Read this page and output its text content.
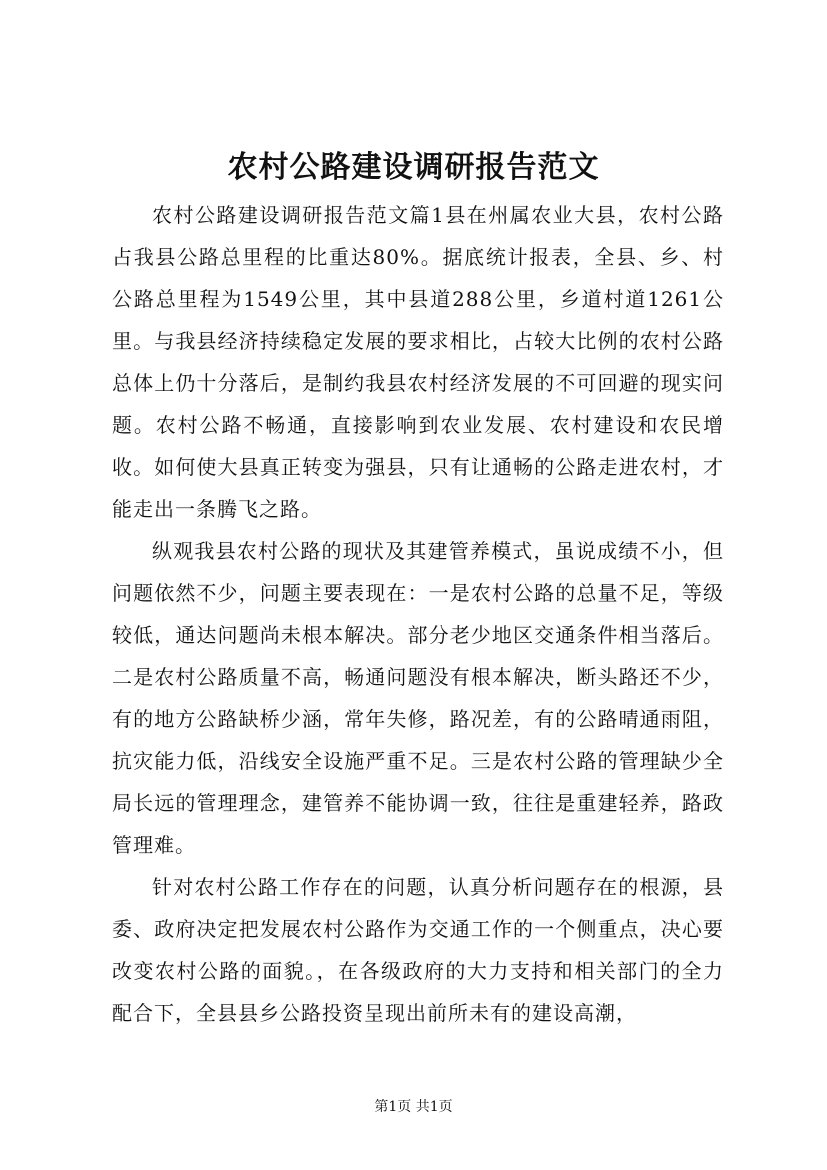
农村公路建设调研报告范文

农村公路建设调研报告范文篇1县在州属农业大县，农村公路占我县公路总里程的比重达80%。据底统计报表，全县、乡、村公路总里程为1549公里，其中县道288公里，乡道村道1261公里。与我县经济持续稳定发展的要求相比，占较大比例的农村公路总体上仍十分落后，是制约我县农村经济发展的不可回避的现实问题。农村公路不畅通，直接影响到农业发展、农村建设和农民增收。如何使大县真正转变为强县，只有让通畅的公路走进农村，才能走出一条腾飞之路。

纵观我县农村公路的现状及其建管养模式，虽说成绩不小，但问题依然不少，问题主要表现在：一是农村公路的总量不足，等级较低，通达问题尚未根本解决。部分老少地区交通条件相当落后。二是农村公路质量不高，畅通问题没有根本解决，断头路还不少，有的地方公路缺桥少涵，常年失修，路况差，有的公路晴通雨阻，抗灾能力低，沿线安全设施严重不足。三是农村公路的管理缺少全局长远的管理理念，建管养不能协调一致，往往是重建轻养，路政管理难。

针对农村公路工作存在的问题，认真分析问题存在的根源，县委、政府决定把发展农村公路作为交通工作的一个侧重点，决心要改变农村公路的面貌。，在各级政府的大力支持和相关部门的全力配合下，全县县乡公路投资呈现出前所未有的建设高潮，

第1页 共1页
